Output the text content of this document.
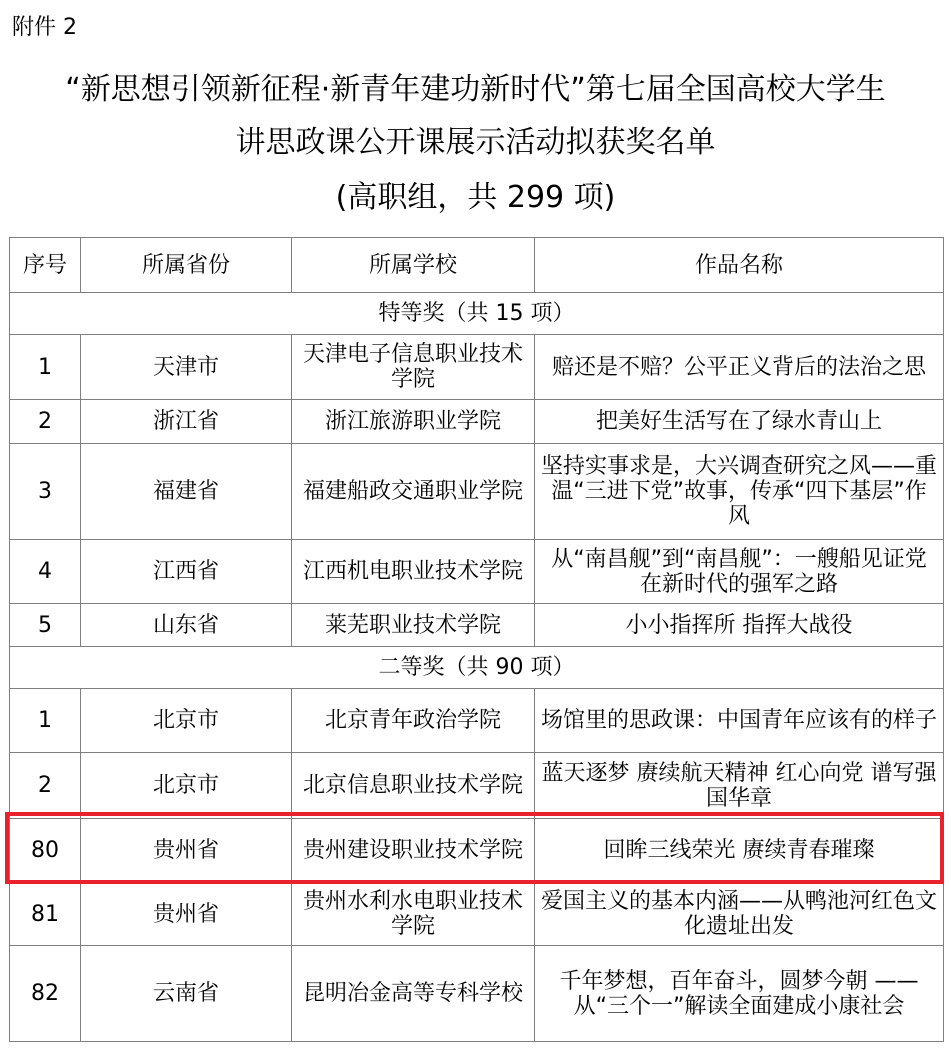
附件 2
“新思想引领新征程·新青年建功新时代”第七届全国高校大学生
讲思政课公开课展示活动拟获奖名单
(高职组，共 299 项)
序号	所属省份	所属学校	作品名称
特等奖（共 15 项）			
1	天津市	天津电子信息职业技术学院	赔还是不赔？公平正义背后的法治之思
2	浙江省	浙江旅游职业学院	把美好生活写在了绿水青山上
3	福建省	福建船政交通职业学院	坚持实事求是，大兴调查研究之风——重温“三进下党”故事，传承“四下基层”作风
4	江西省	江西机电职业技术学院	从“南昌舰”到“南昌舰”：一艘船见证党在新时代的强军之路
5	山东省	莱芜职业技术学院	小小指挥所 指挥大战役
二等奖（共 90 项）			
1	北京市	北京青年政治学院	场馆里的思政课：中国青年应该有的样子
2	北京市	北京信息职业技术学院	蓝天逐梦 赓续航天精神 红心向党 谱写强国华章
80	贵州省	贵州建设职业技术学院	回眸三线荣光 赓续青春璀璨
81	贵州省	贵州水利水电职业技术学院	爱国主义的基本内涵——从鸭池河红色文化遗址出发
82	云南省	昆明冶金高等专科学校	千年梦想，百年奋斗，圆梦今朝 ——从“三个一”解读全面建成小康社会
